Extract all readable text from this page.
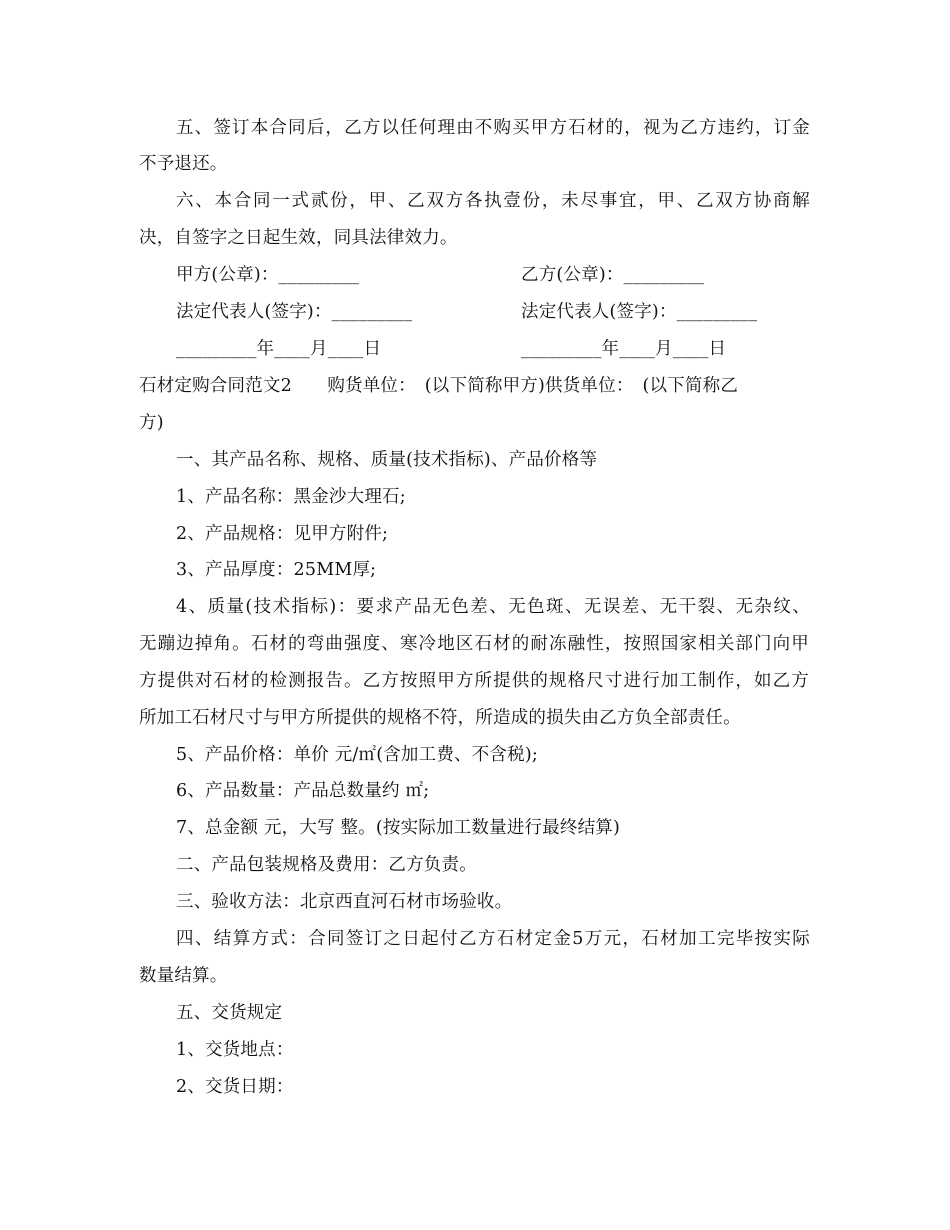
五、签订本合同后，乙方以任何理由不购买甲方石材的，视为乙方违约，订金
不予退还。
六、本合同一式贰份，甲、乙双方各执壹份，未尽事宜，甲、乙双方协商解
决，自签字之日起生效，同具法律效力。
甲方(公章)：_________	乙方(公章)：_________
法定代表人(签字)：_________	法定代表人(签字)：_________
_________年____月____日	_________年____月____日
石材定购合同范文2　　购货单位：　(以下简称甲方)供货单位：　(以下简称乙
方)
一、其产品名称、规格、质量(技术指标)、产品价格等
1、产品名称：黑金沙大理石;
2、产品规格：见甲方附件;
3、产品厚度：25MM厚;
4、质量(技术指标)：要求产品无色差、无色斑、无误差、无干裂、无杂纹、
无蹦边掉角。石材的弯曲强度、寒冷地区石材的耐冻融性，按照国家相关部门向甲
方提供对石材的检测报告。乙方按照甲方所提供的规格尺寸进行加工制作，如乙方
所加工石材尺寸与甲方所提供的规格不符，所造成的损失由乙方负全部责任。
5、产品价格：单价 元/㎡(含加工费、不含税);
6、产品数量：产品总数量约 ㎡;
7、总金额 元，大写 整。(按实际加工数量进行最终结算)
二、产品包装规格及费用：乙方负责。
三、验收方法：北京西直河石材市场验收。
四、结算方式：合同签订之日起付乙方石材定金5万元，石材加工完毕按实际
数量结算。
五、交货规定
1、交货地点：
2、交货日期：
